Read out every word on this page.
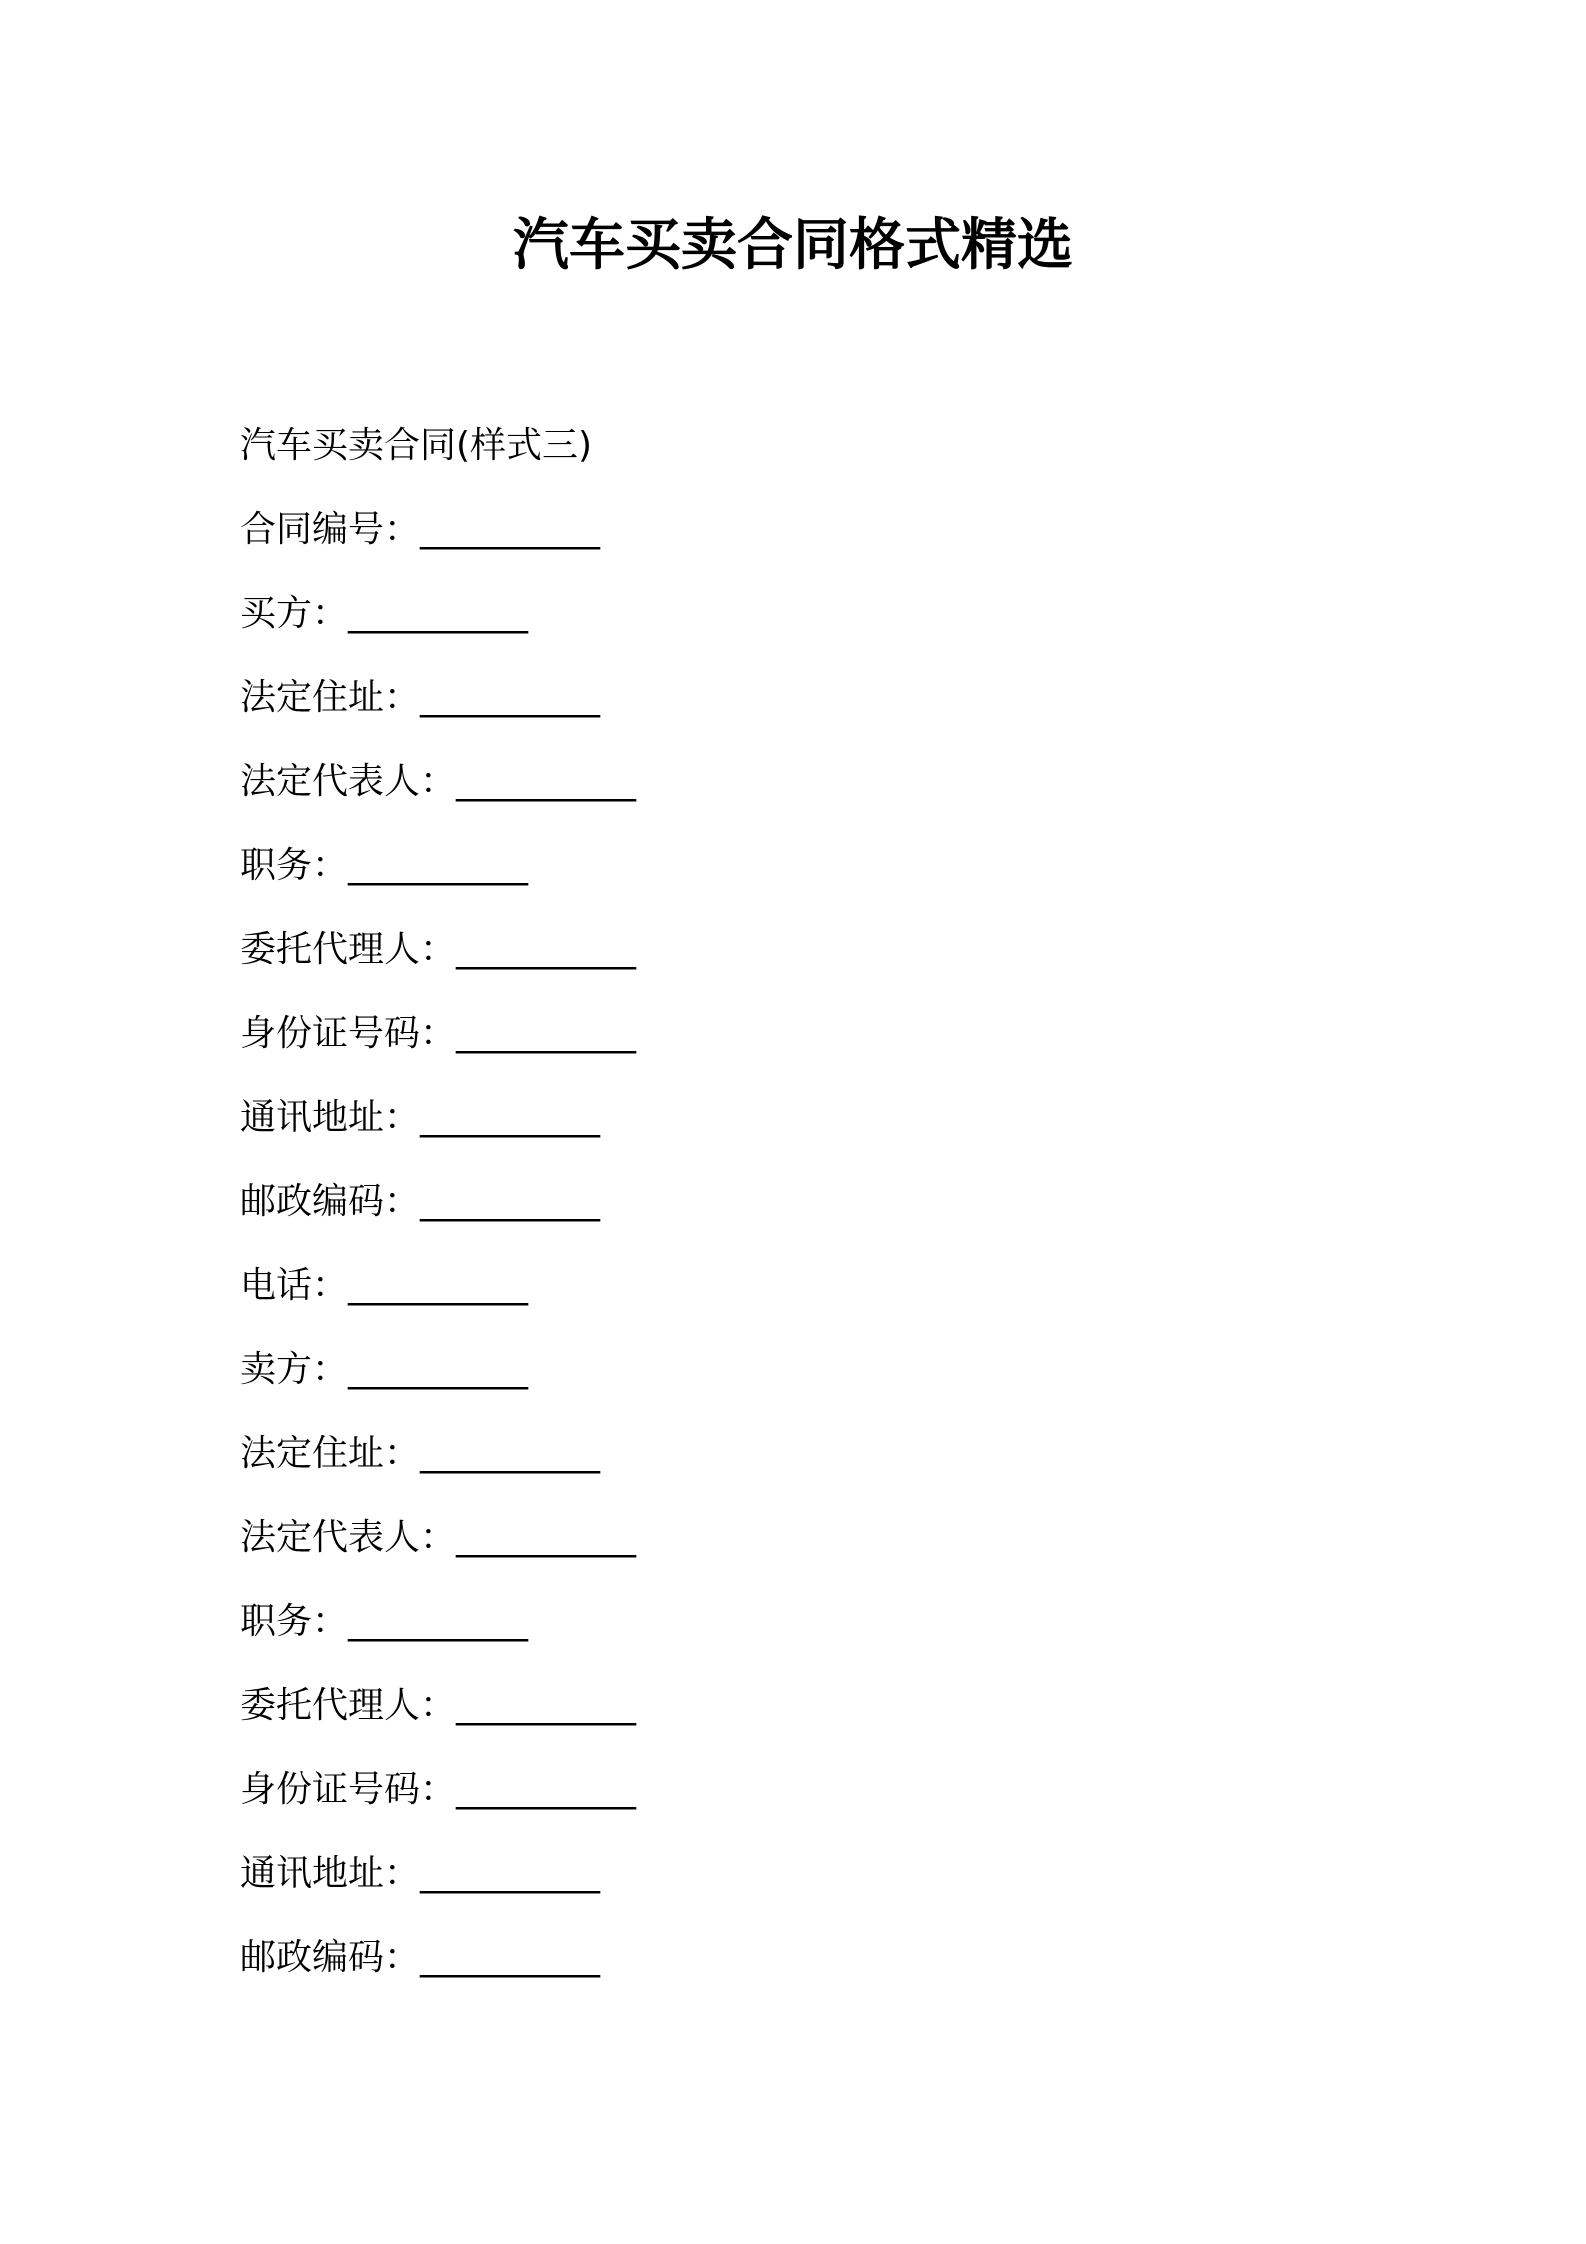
汽车买卖合同格式精选
汽车买卖合同(样式三)
合同编号：__________
买方：__________
法定住址：__________
法定代表人：__________
职务：__________
委托代理人：__________
身份证号码：__________
通讯地址：__________
邮政编码：__________
电话：__________
卖方：__________
法定住址：__________
法定代表人：__________
职务：__________
委托代理人：__________
身份证号码：__________
通讯地址：__________
邮政编码：__________
